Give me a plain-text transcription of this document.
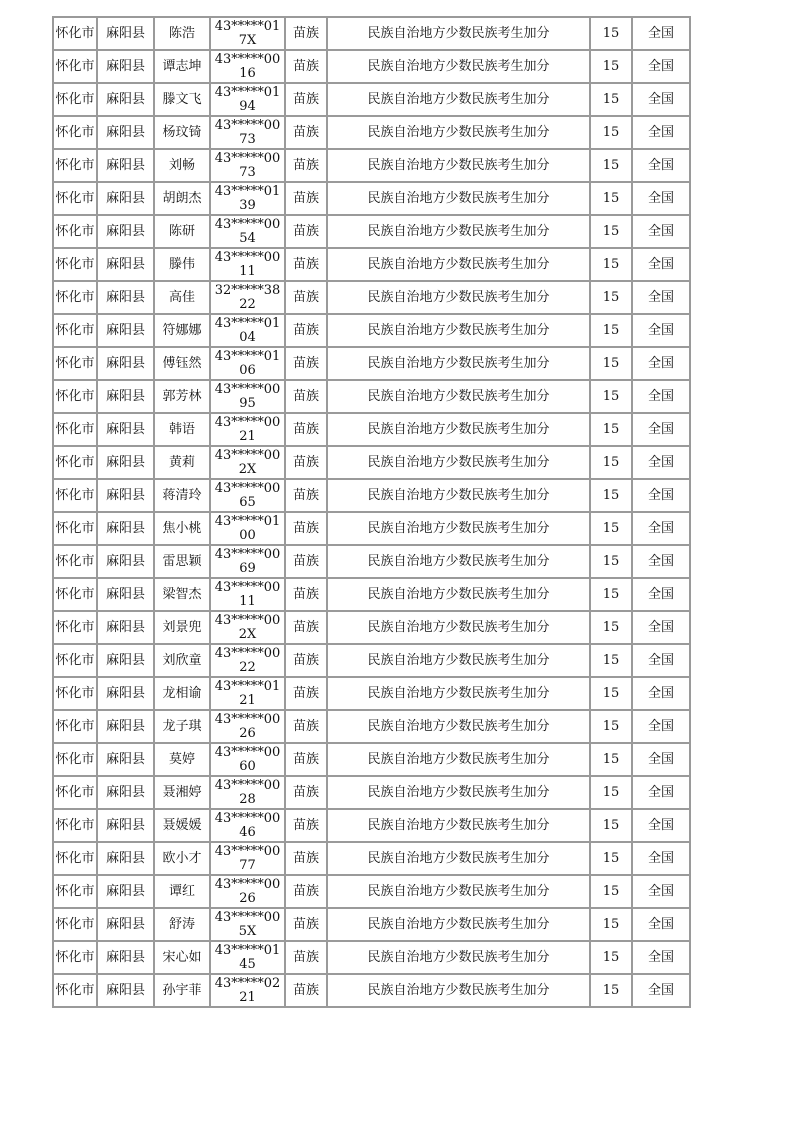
怀化市	麻阳县	陈浩	43*****017X	苗族	民族自治地方少数民族考生加分	15	全国
怀化市	麻阳县	谭志坤	43*****0016	苗族	民族自治地方少数民族考生加分	15	全国
怀化市	麻阳县	滕文飞	43*****0194	苗族	民族自治地方少数民族考生加分	15	全国
怀化市	麻阳县	杨玟锜	43*****0073	苗族	民族自治地方少数民族考生加分	15	全国
怀化市	麻阳县	刘畅	43*****0073	苗族	民族自治地方少数民族考生加分	15	全国
怀化市	麻阳县	胡朗杰	43*****0139	苗族	民族自治地方少数民族考生加分	15	全国
怀化市	麻阳县	陈研	43*****0054	苗族	民族自治地方少数民族考生加分	15	全国
怀化市	麻阳县	滕伟	43*****0011	苗族	民族自治地方少数民族考生加分	15	全国
怀化市	麻阳县	高佳	32*****3822	苗族	民族自治地方少数民族考生加分	15	全国
怀化市	麻阳县	符娜娜	43*****0104	苗族	民族自治地方少数民族考生加分	15	全国
怀化市	麻阳县	傅钰然	43*****0106	苗族	民族自治地方少数民族考生加分	15	全国
怀化市	麻阳县	郭芳林	43*****0095	苗族	民族自治地方少数民族考生加分	15	全国
怀化市	麻阳县	韩语	43*****0021	苗族	民族自治地方少数民族考生加分	15	全国
怀化市	麻阳县	黄莉	43*****002X	苗族	民族自治地方少数民族考生加分	15	全国
怀化市	麻阳县	蒋清玲	43*****0065	苗族	民族自治地方少数民族考生加分	15	全国
怀化市	麻阳县	焦小桃	43*****0100	苗族	民族自治地方少数民族考生加分	15	全国
怀化市	麻阳县	雷思颖	43*****0069	苗族	民族自治地方少数民族考生加分	15	全国
怀化市	麻阳县	梁智杰	43*****0011	苗族	民族自治地方少数民族考生加分	15	全国
怀化市	麻阳县	刘景兜	43*****002X	苗族	民族自治地方少数民族考生加分	15	全国
怀化市	麻阳县	刘欣童	43*****0022	苗族	民族自治地方少数民族考生加分	15	全国
怀化市	麻阳县	龙相谕	43*****0121	苗族	民族自治地方少数民族考生加分	15	全国
怀化市	麻阳县	龙子琪	43*****0026	苗族	民族自治地方少数民族考生加分	15	全国
怀化市	麻阳县	莫婷	43*****0060	苗族	民族自治地方少数民族考生加分	15	全国
怀化市	麻阳县	聂湘婷	43*****0028	苗族	民族自治地方少数民族考生加分	15	全国
怀化市	麻阳县	聂媛媛	43*****0046	苗族	民族自治地方少数民族考生加分	15	全国
怀化市	麻阳县	欧小才	43*****0077	苗族	民族自治地方少数民族考生加分	15	全国
怀化市	麻阳县	谭红	43*****0026	苗族	民族自治地方少数民族考生加分	15	全国
怀化市	麻阳县	舒涛	43*****005X	苗族	民族自治地方少数民族考生加分	15	全国
怀化市	麻阳县	宋心如	43*****0145	苗族	民族自治地方少数民族考生加分	15	全国
怀化市	麻阳县	孙宇菲	43*****0221	苗族	民族自治地方少数民族考生加分	15	全国
